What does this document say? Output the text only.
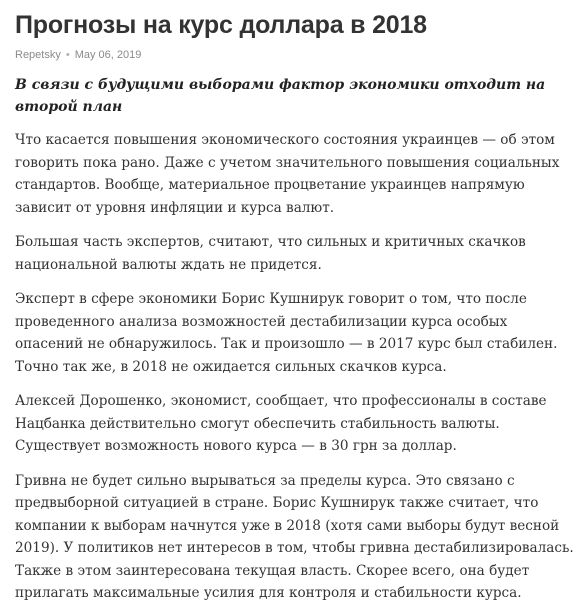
Прогнозы на курс доллара в 2018
Repetsky • May 06, 2019

В связи с будущими выборами фактор экономики отходит на второй план

Что касается повышения экономического состояния украинцев — об этом говорить пока рано. Даже с учетом значительного повышения социальных стандартов. Вообще, материальное процветание украинцев напрямую зависит от уровня инфляции и курса валют.

Большая часть экспертов, считают, что сильных и критичных скачков национальной валюты ждать не придется.

Эксперт в сфере экономики Борис Кушнирук говорит о том, что после проведенного анализа возможностей дестабилизации курса особых опасений не обнаружилось. Так и произошло — в 2017 курс был стабилен. Точно так же, в 2018 не ожидается сильных скачков курса.

Алексей Дорошенко, экономист, сообщает, что профессионалы в составе Нацбанка действительно смогут обеспечить стабильность валюты. Существует возможность нового курса — в 30 грн за доллар.

Гривна не будет сильно вырываться за пределы курса. Это связано с предвыборной ситуацией в стране. Борис Кушнирук также считает, что компании к выборам начнутся уже в 2018 (хотя сами выборы будут весной 2019). У политиков нет интересов в том, чтобы гривна дестабилизировалась. Также в этом заинтересована текущая власть. Скорее всего, она будет прилагать максимальные усилия для контроля и стабильности курса.
